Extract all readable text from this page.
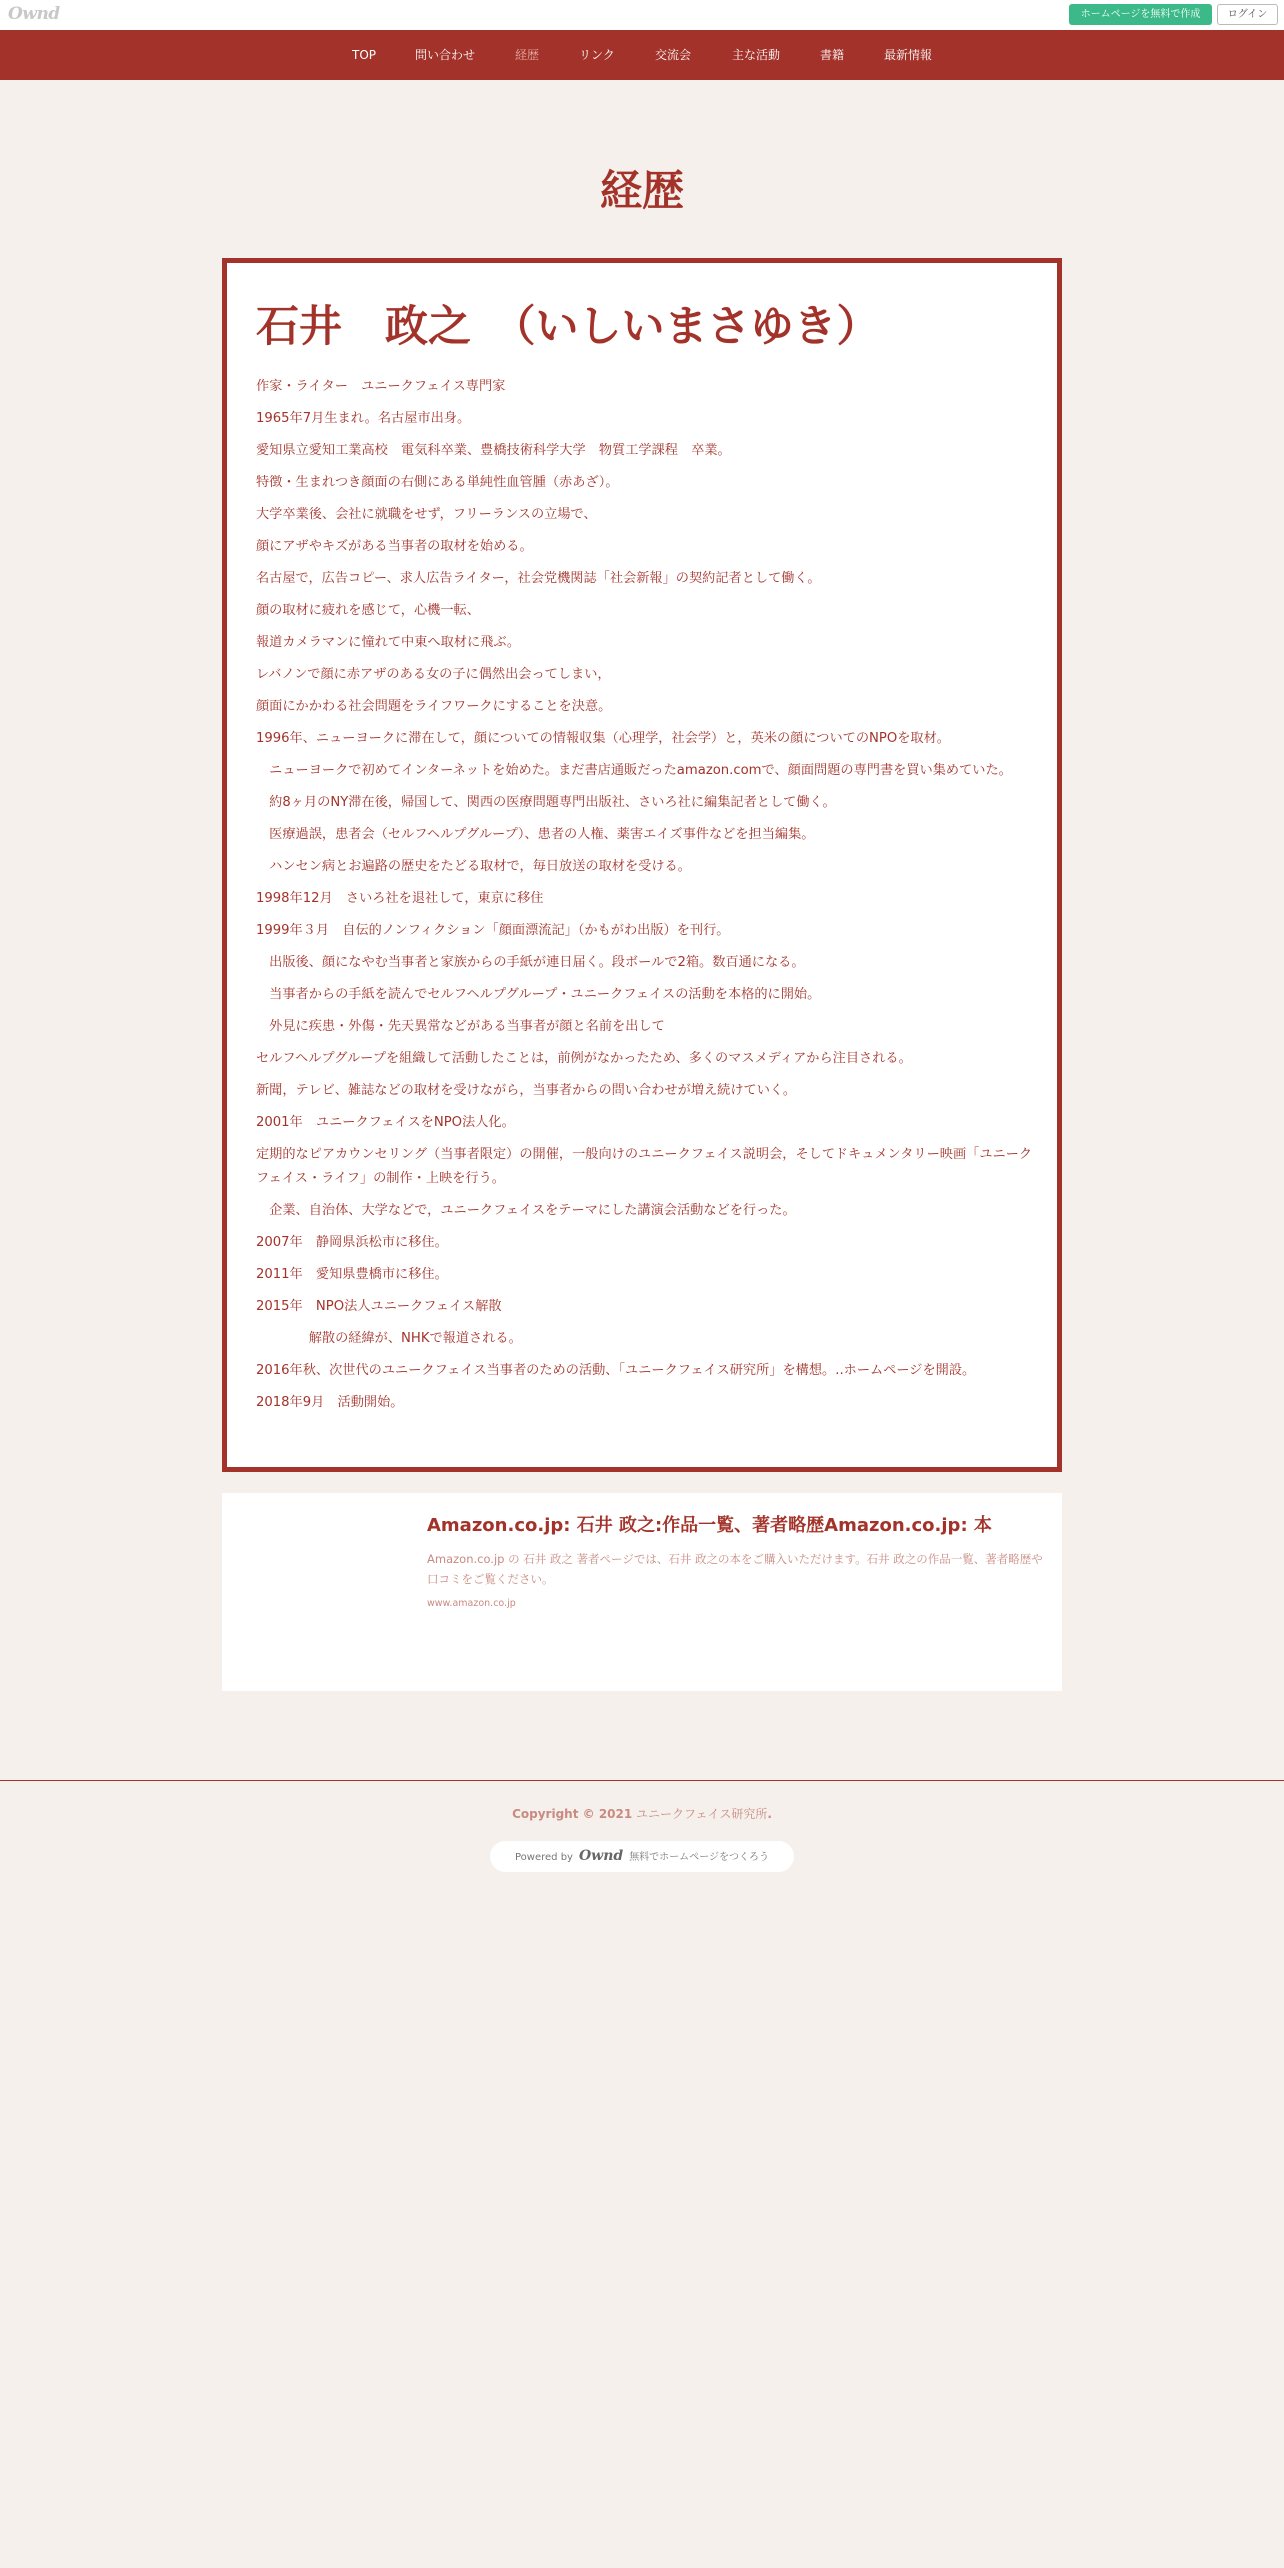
Ownd	ホームページを無料で作成	ログイン
TOP	問い合わせ	経歴	リンク	交流会	主な活動	書籍	最新情報
経歴
石井　政之　（いしいまさゆき）

作家・ライター　ユニークフェイス専門家

1965年7月生まれ。名古屋市出身。

愛知県立愛知工業高校　電気科卒業、豊橋技術科学大学　物質工学課程　卒業。

特徴・生まれつき顔面の右側にある単純性血管腫（赤あざ）。

大学卒業後、会社に就職をせず，フリーランスの立場で、

顔にアザやキズがある当事者の取材を始める。

名古屋で，広告コピー、求人広告ライター，社会党機関誌「社会新報」の契約記者として働く。

顔の取材に疲れを感じて，心機一転、

報道カメラマンに憧れて中東へ取材に飛ぶ。

レバノンで顔に赤アザのある女の子に偶然出会ってしまい，

顔面にかかわる社会問題をライフワークにすることを決意。

1996年、ニューヨークに滞在して，顔についての情報収集（心理学，社会学）と，英米の顔についてのNPOを取材。

　ニューヨークで初めてインターネットを始めた。まだ書店通販だったamazon.comで、顔面問題の専門書を買い集めていた。

　約8ヶ月のNY滞在後，帰国して、関西の医療問題専門出版社、さいろ社に編集記者として働く。

　医療過誤，患者会（セルフヘルプグループ）、患者の人権、薬害エイズ事件などを担当編集。

　ハンセン病とお遍路の歴史をたどる取材で，毎日放送の取材を受ける。

1998年12月　さいろ社を退社して，東京に移住

1999年３月　自伝的ノンフィクション「顔面漂流記」（かもがわ出版）を刊行。

　出版後、顔になやむ当事者と家族からの手紙が連日届く。段ボールで2箱。数百通になる。

　当事者からの手紙を読んでセルフヘルプグループ・ユニークフェイスの活動を本格的に開始。

　外見に疾患・外傷・先天異常などがある当事者が顔と名前を出して

セルフヘルプグループを組織して活動したことは，前例がなかったため、多くのマスメディアから注目される。

新聞，テレビ、雑誌などの取材を受けながら，当事者からの問い合わせが増え続けていく。

2001年　ユニークフェイスをNPO法人化。

定期的なピアカウンセリング（当事者限定）の開催，一般向けのユニークフェイス説明会，そしてドキュメンタリー映画「ユニークフェイス・ライフ」の制作・上映を行う。

　企業、自治体、大学などで，ユニークフェイスをテーマにした講演会活動などを行った。

2007年　静岡県浜松市に移住。

2011年　愛知県豊橋市に移住。

2015年　NPO法人ユニークフェイス解散

　　　　解散の経緯が、NHKで報道される。

2016年秋、次世代のユニークフェイス当事者のための活動、「ユニークフェイス研究所」を構想。..ホームページを開設。

2018年9月　活動開始。

Amazon.co.jp: 石井 政之:作品一覧、著者略歴Amazon.co.jp: 本
Amazon.co.jp の 石井 政之 著者ページでは、石井 政之の本をご購入いただけます。石井 政之の作品一覧、著者略歴や口コミをご覧ください。
www.amazon.co.jp
Copyright © 2021 ユニークフェイス研究所.
Powered by Ownd 無料でホームページをつくろう
